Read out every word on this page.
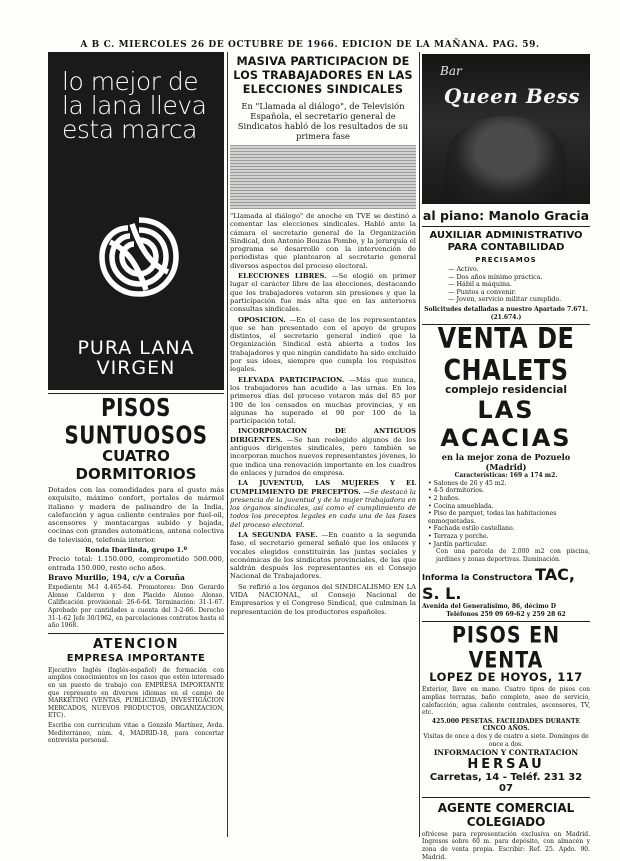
A B C. MIERCOLES 26 DE OCTUBRE DE 1966. EDICION DE LA MAÑANA. PAG. 59.
lo mejor de la lana lleva esta marca
PURA LANA
VIRGEN
PISOS SUNTUOSOS
CUATRO DORMITORIOS

Dotados con las comodidades para el gusto más exquisito, máximo confort, portales de mármol italiano y madera de palisandro de la India, calefacción y agua caliente centrales por fuel-oil, ascensores y montacargas subido y bajada, cocinas con grandes automáticas, antena colectiva de televisión, telefonía interior.

Ronda Ibarlinda, grupo 1.º

Precio total: 1.150.000, comprometido 500.000, entrada 150.000, resto ocho años.

Bravo Murillo, 194, c/v a Coruña

Expediente M-I 4.465-64. Promotores: Don Gerardo Alonso Calderon y don Placido Alonso Alonso. Calificación provisional: 26-6-64. Terminación: 31-1-67. Aprobado por cantidades a cuenta del 3-2-66. Derecho 31-1-62 Jefe 30/1962, en parcelaciones contratos hasta el año 1968.

ATENCION
EMPRESA IMPORTANTE

Ejecutivo Inglés (Inglés-español) de formación con amplios conocimientos en los casos que estén interesado en un puesto de trabajo con EMPRESA IMPORTANTE que represente en diversos idiomas en el campo de MARKETING (VENTAS, PUBLICIDAD, INVESTIGACION MERCADOS, NUEVOS PRODUCTOS, ORGANIZACION, ETC).

Escriba con curriculum vitae a Gonzalo Martínez, Avda. Mediterráneo, núm. 4, MADRID-18, para concertar entrevista personal.

MASIVA PARTICIPACION DE LOS TRABAJADORES EN LAS ELECCIONES SINDICALES

En "Llamada al diálogo", de Televisión Española, el secretario general de Sindicatos habló de los resultados de su primera fase

"Llamada al diálogo" de anoche en TVE se destinó a comentar las elecciones sindicales. Habló ante la cámara el secretario general de la Organización Sindical, don Antonio Bouzas Pombo, y la jerarquía el programa se desarrolló con la intervención de periodistas que plantearon al secretario general diversos aspectos del proceso electoral.

ELECCIONES LIBRES. —Se elogió en primer lugar el carácter libre de las elecciones, destacando que los trabajadores votaron sin presiones y que la participación fue más alta que en las anteriores consultas sindicales.

OPOSICION. —En el caso de los representantes que se han presentado con el apoyo de grupos distintos, el secretario general indicó que la Organización Sindical está abierta a todos los trabajadores y que ningún candidato ha sido excluido por sus ideas, siempre que cumpla los requisitos legales.

ELEVADA PARTICIPACION. —Más que nunca, los trabajadores han acudido a las urnas. En los primeros días del proceso votaron más del 85 por 100 de los censados en muchas provincias, y en algunas ha superado el 90 por 100 de la participación total.

INCORPORACION DE ANTIGUOS DIRIGENTES. —Se han reelegido algunos de los antiguos dirigentes sindicales, pero también se incorporan muchos nuevos representantes jóvenes, lo que indica una renovación importante en los cuadros de enlaces y jurados de empresa.

LA JUVENTUD, LAS MUJERES Y EL CUMPLIMIENTO DE PRECEPTOS. —Se destacó la presencia de la juventud y de la mujer trabajadora en los órganos sindicales, así como el cumplimiento de todos los preceptos legales en cada una de las fases del proceso electoral.

LA SEGUNDA FASE. —En cuanto a la segunda fase, el secretario general señaló que los enlaces y vocales elegidos constituirán las juntas sociales y económicas de los sindicatos provinciales, de las que saldrán después los representantes en el Consejo Nacional de Trabajadores.

Se refirió a los órganos del SINDICALISMO EN LA VIDA NACIONAL, el Consejo Nacional de Empresarios y el Congreso Sindical, que culminan la representación de los productores españoles.

Bar
Queen Bess
al piano: Manolo Gracia
AUXILIAR ADMINISTRATIVO PARA CONTABILIDAD
PRECISAMOS
— Activo.
— Dos años mínimo práctica.
— Hábil a máquina.
— Puntos a convenir.
— Joven, servicio militar cumplido.

Solicitudes detalladas a nuestro Apartado 7.671. (21.674.)

VENTA DE CHALETS
complejo residencial
LAS ACACIAS
en la mejor zona de Pozuelo (Madrid)

Características: 169 a 174 m2.

• Salones de 26 y 45 m2.
• 4-5 dormitorios.
• 2 baños.
• Cocina amueblada.
• Piso de parquet, todas las habitaciones enmoquetadas.
• Fachada estilo castellano.
• Terraza y porche.
• Jardín particular.

Con una parcela de 2.000 m2 con piscina, jardines y zonas deportivas. Iluminación.

Informa la Constructora TAC, S. L.

Avenida del Generalísimo, 86, décimo D

Teléfonos 259 09 69-62 y 259 28 62

PISOS EN VENTA
LOPEZ DE HOYOS, 117

Exterior, llave en mano. Cuatro tipos de pisos con amplias terrazas, baño completo, aseo de servicio, calefacción, agua caliente centrales, ascensores, TV, etc.

425.000 PESETAS. FACILIDADES DURANTE CINCO AÑOS.

Visitas de once a dos y de cuatro a siete. Domingos de once a dos.

INFORMACION Y CONTRATACION

HERSAU
Carretas, 14 - Teléf. 231 32 07
AGENTE COMERCIAL COLEGIADO

ofrécese para representación exclusiva en Madrid. Ingresos sobre 60 m. para depósito, con almacén y zona de venta propia. Escribir: Ref. 25. Apdo. 90. Madrid.
